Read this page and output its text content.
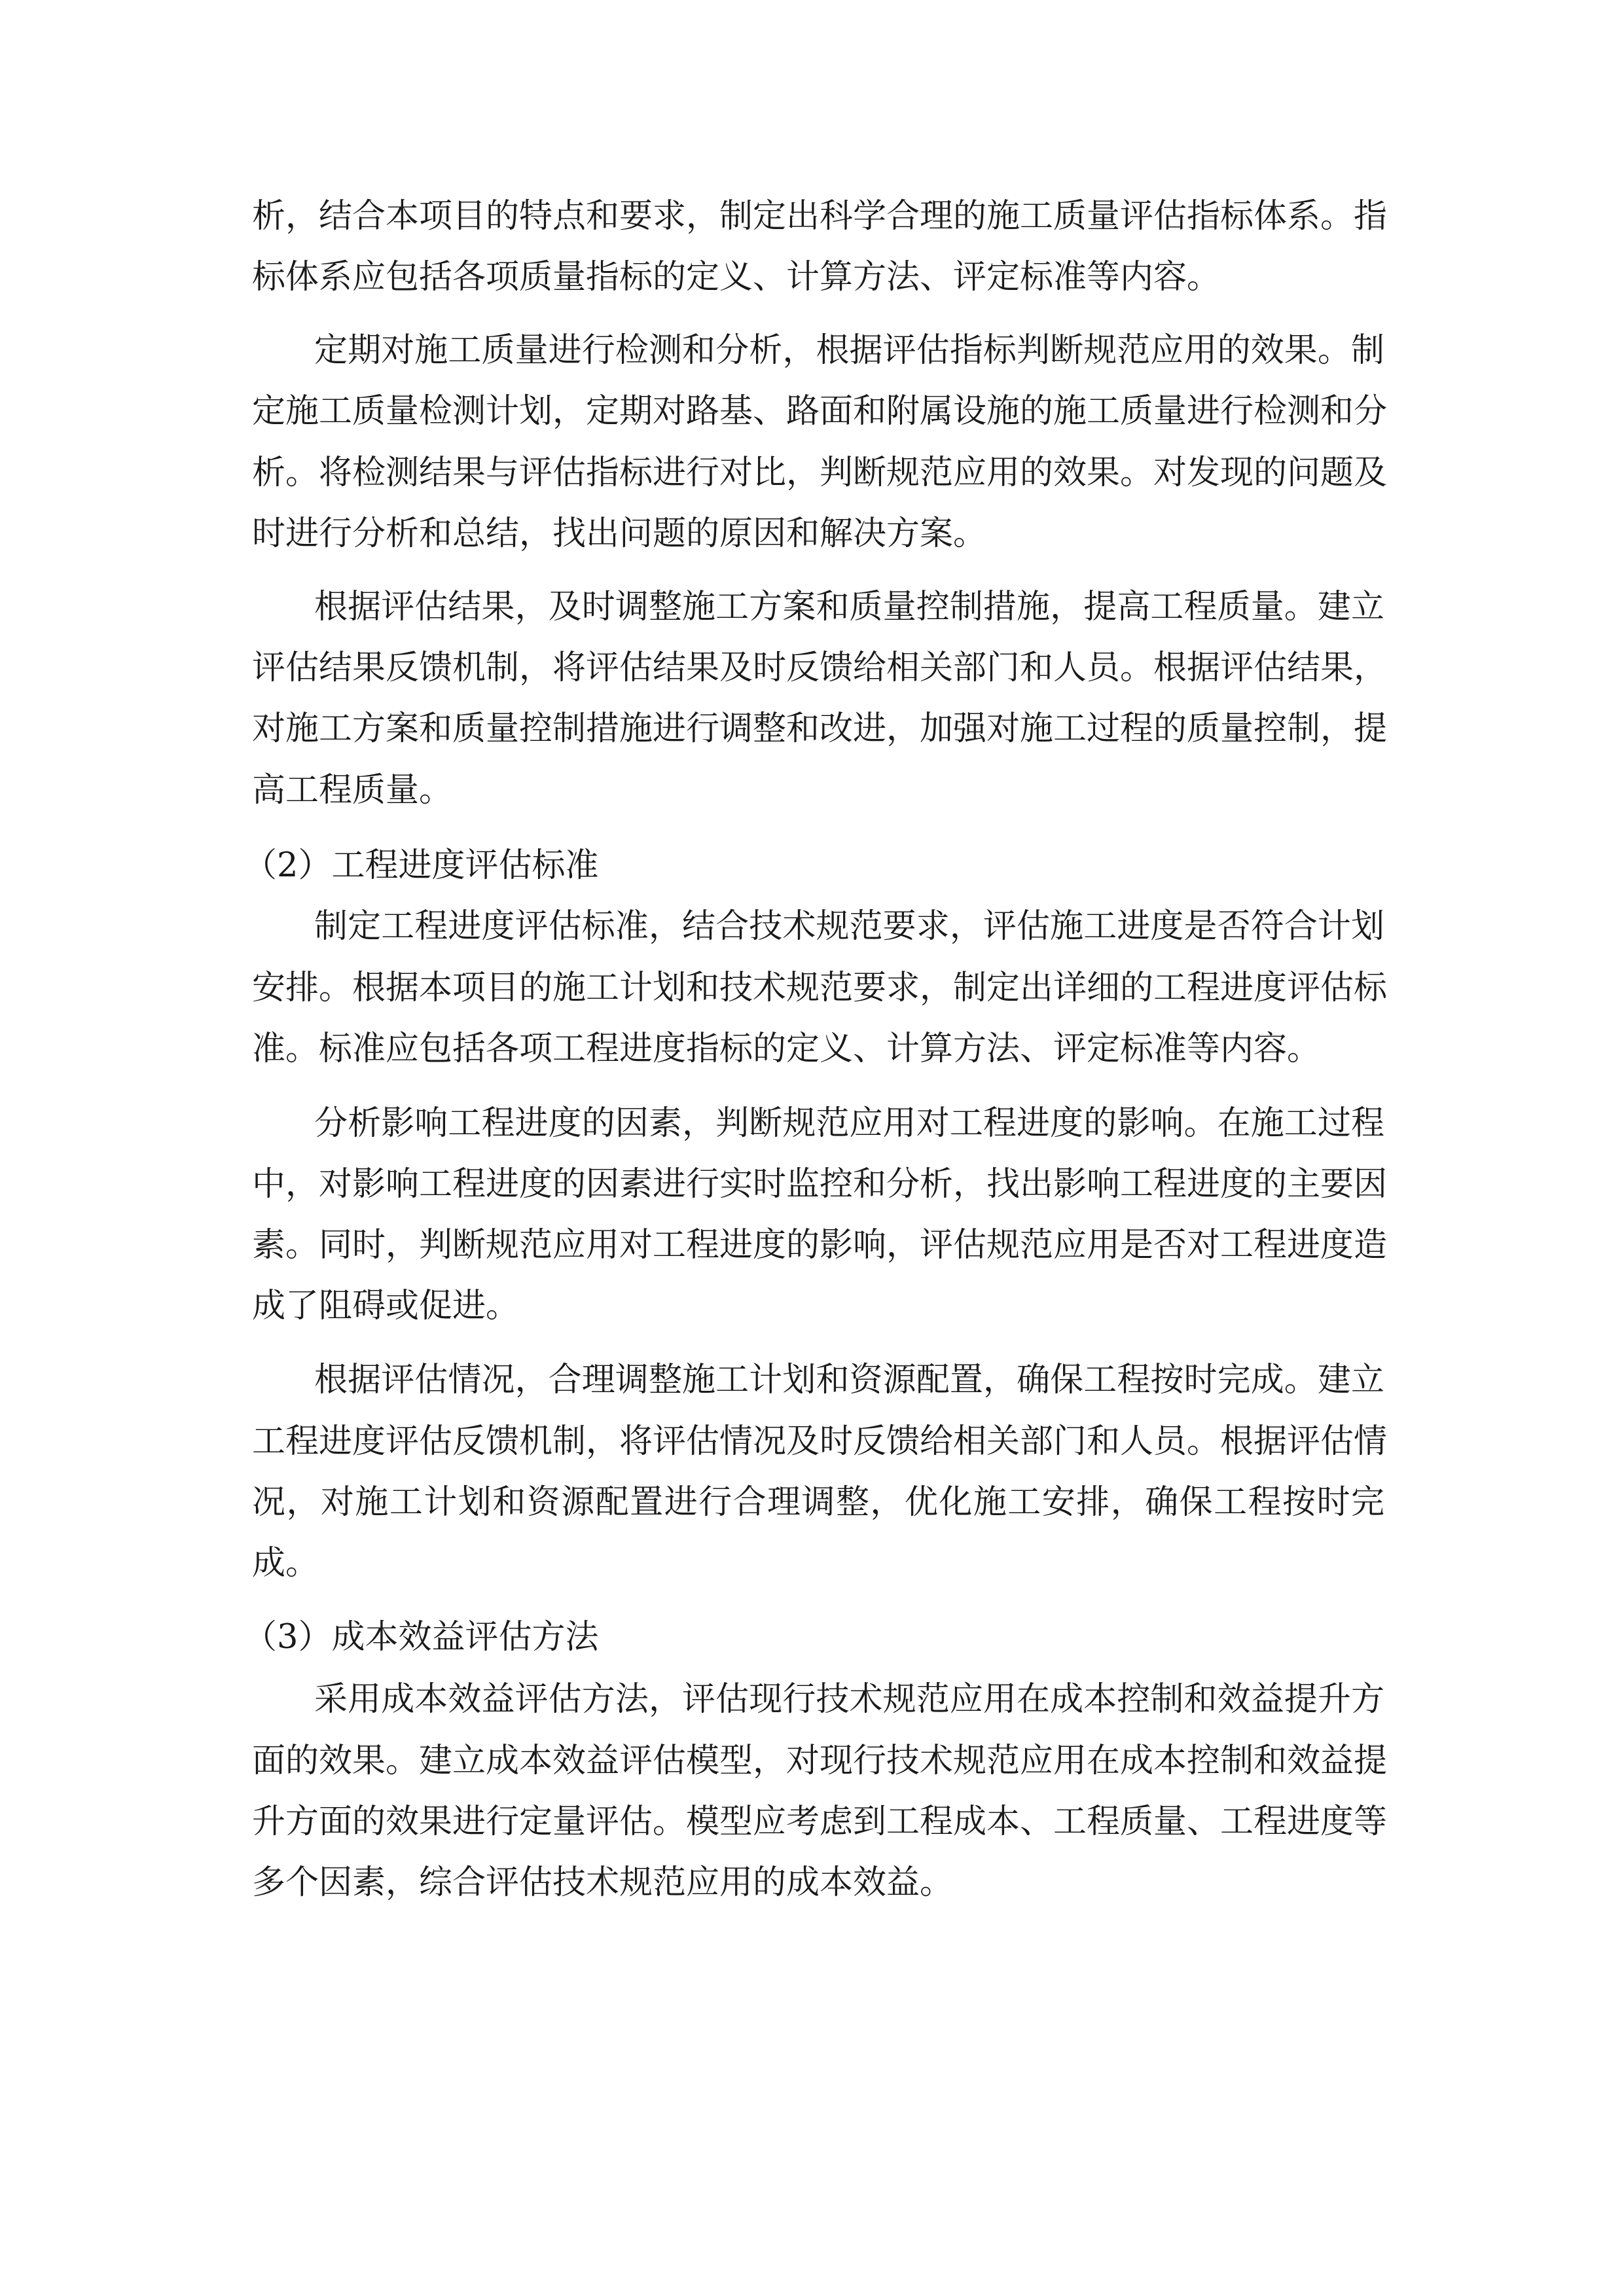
析，结合本项目的特点和要求，制定出科学合理的施工质量评估指标体系。指
标体系应包括各项质量指标的定义、计算方法、评定标准等内容。
定期对施工质量进行检测和分析，根据评估指标判断规范应用的效果。制
定施工质量检测计划，定期对路基、路面和附属设施的施工质量进行检测和分
析。将检测结果与评估指标进行对比，判断规范应用的效果。对发现的问题及
时进行分析和总结，找出问题的原因和解决方案。
根据评估结果，及时调整施工方案和质量控制措施，提高工程质量。建立
评估结果反馈机制，将评估结果及时反馈给相关部门和人员。根据评估结果，
对施工方案和质量控制措施进行调整和改进，加强对施工过程的质量控制，提
高工程质量。
（2）工程进度评估标准
制定工程进度评估标准，结合技术规范要求，评估施工进度是否符合计划
安排。根据本项目的施工计划和技术规范要求，制定出详细的工程进度评估标
准。标准应包括各项工程进度指标的定义、计算方法、评定标准等内容。
分析影响工程进度的因素，判断规范应用对工程进度的影响。在施工过程
中，对影响工程进度的因素进行实时监控和分析，找出影响工程进度的主要因
素。同时，判断规范应用对工程进度的影响，评估规范应用是否对工程进度造
成了阻碍或促进。
根据评估情况，合理调整施工计划和资源配置，确保工程按时完成。建立
工程进度评估反馈机制，将评估情况及时反馈给相关部门和人员。根据评估情
况，对施工计划和资源配置进行合理调整，优化施工安排，确保工程按时完
成。
（3）成本效益评估方法
采用成本效益评估方法，评估现行技术规范应用在成本控制和效益提升方
面的效果。建立成本效益评估模型，对现行技术规范应用在成本控制和效益提
升方面的效果进行定量评估。模型应考虑到工程成本、工程质量、工程进度等
多个因素，综合评估技术规范应用的成本效益。
